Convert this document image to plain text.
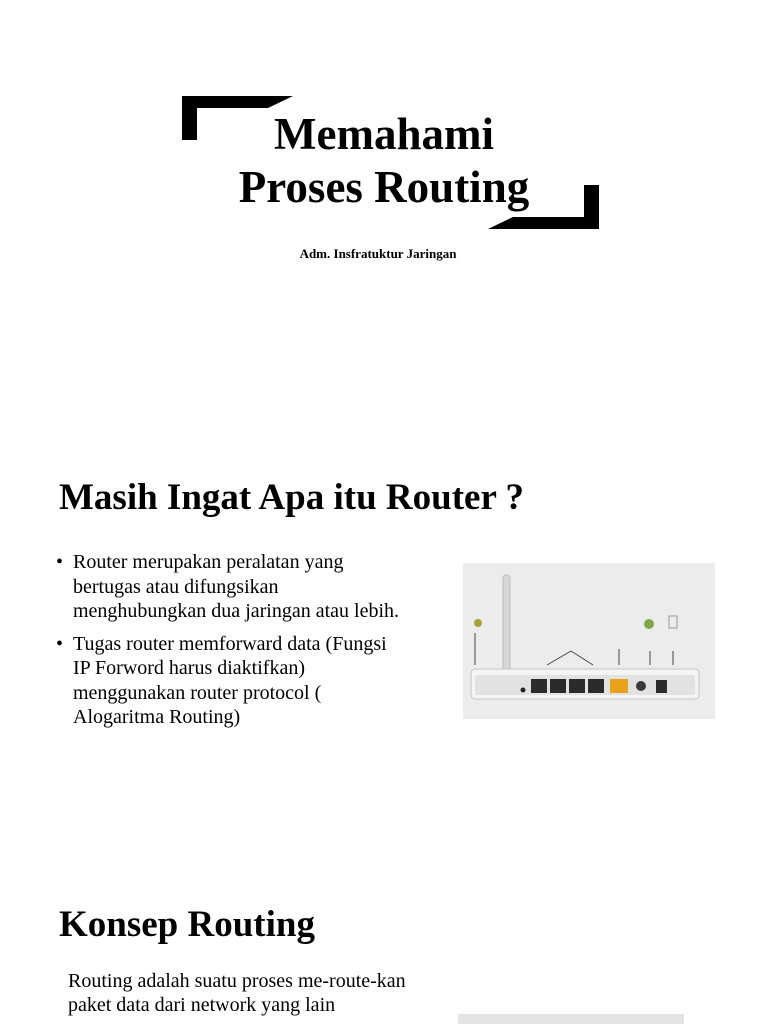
Memahami
Proses Routing

Adm. Insfratuktur Jaringan

Masih Ingat Apa itu Router ?
• Router merupakan peralatan yang bertugas atau difungsikan menghubungkan dua jaringan atau lebih.
• Tugas router memforward data (Fungsi IP Forword harus diaktifkan) menggunakan router protocol ( Alogaritma Routing)
Konsep Routing

Routing adalah suatu proses me-route-kan paket data dari network yang lain
